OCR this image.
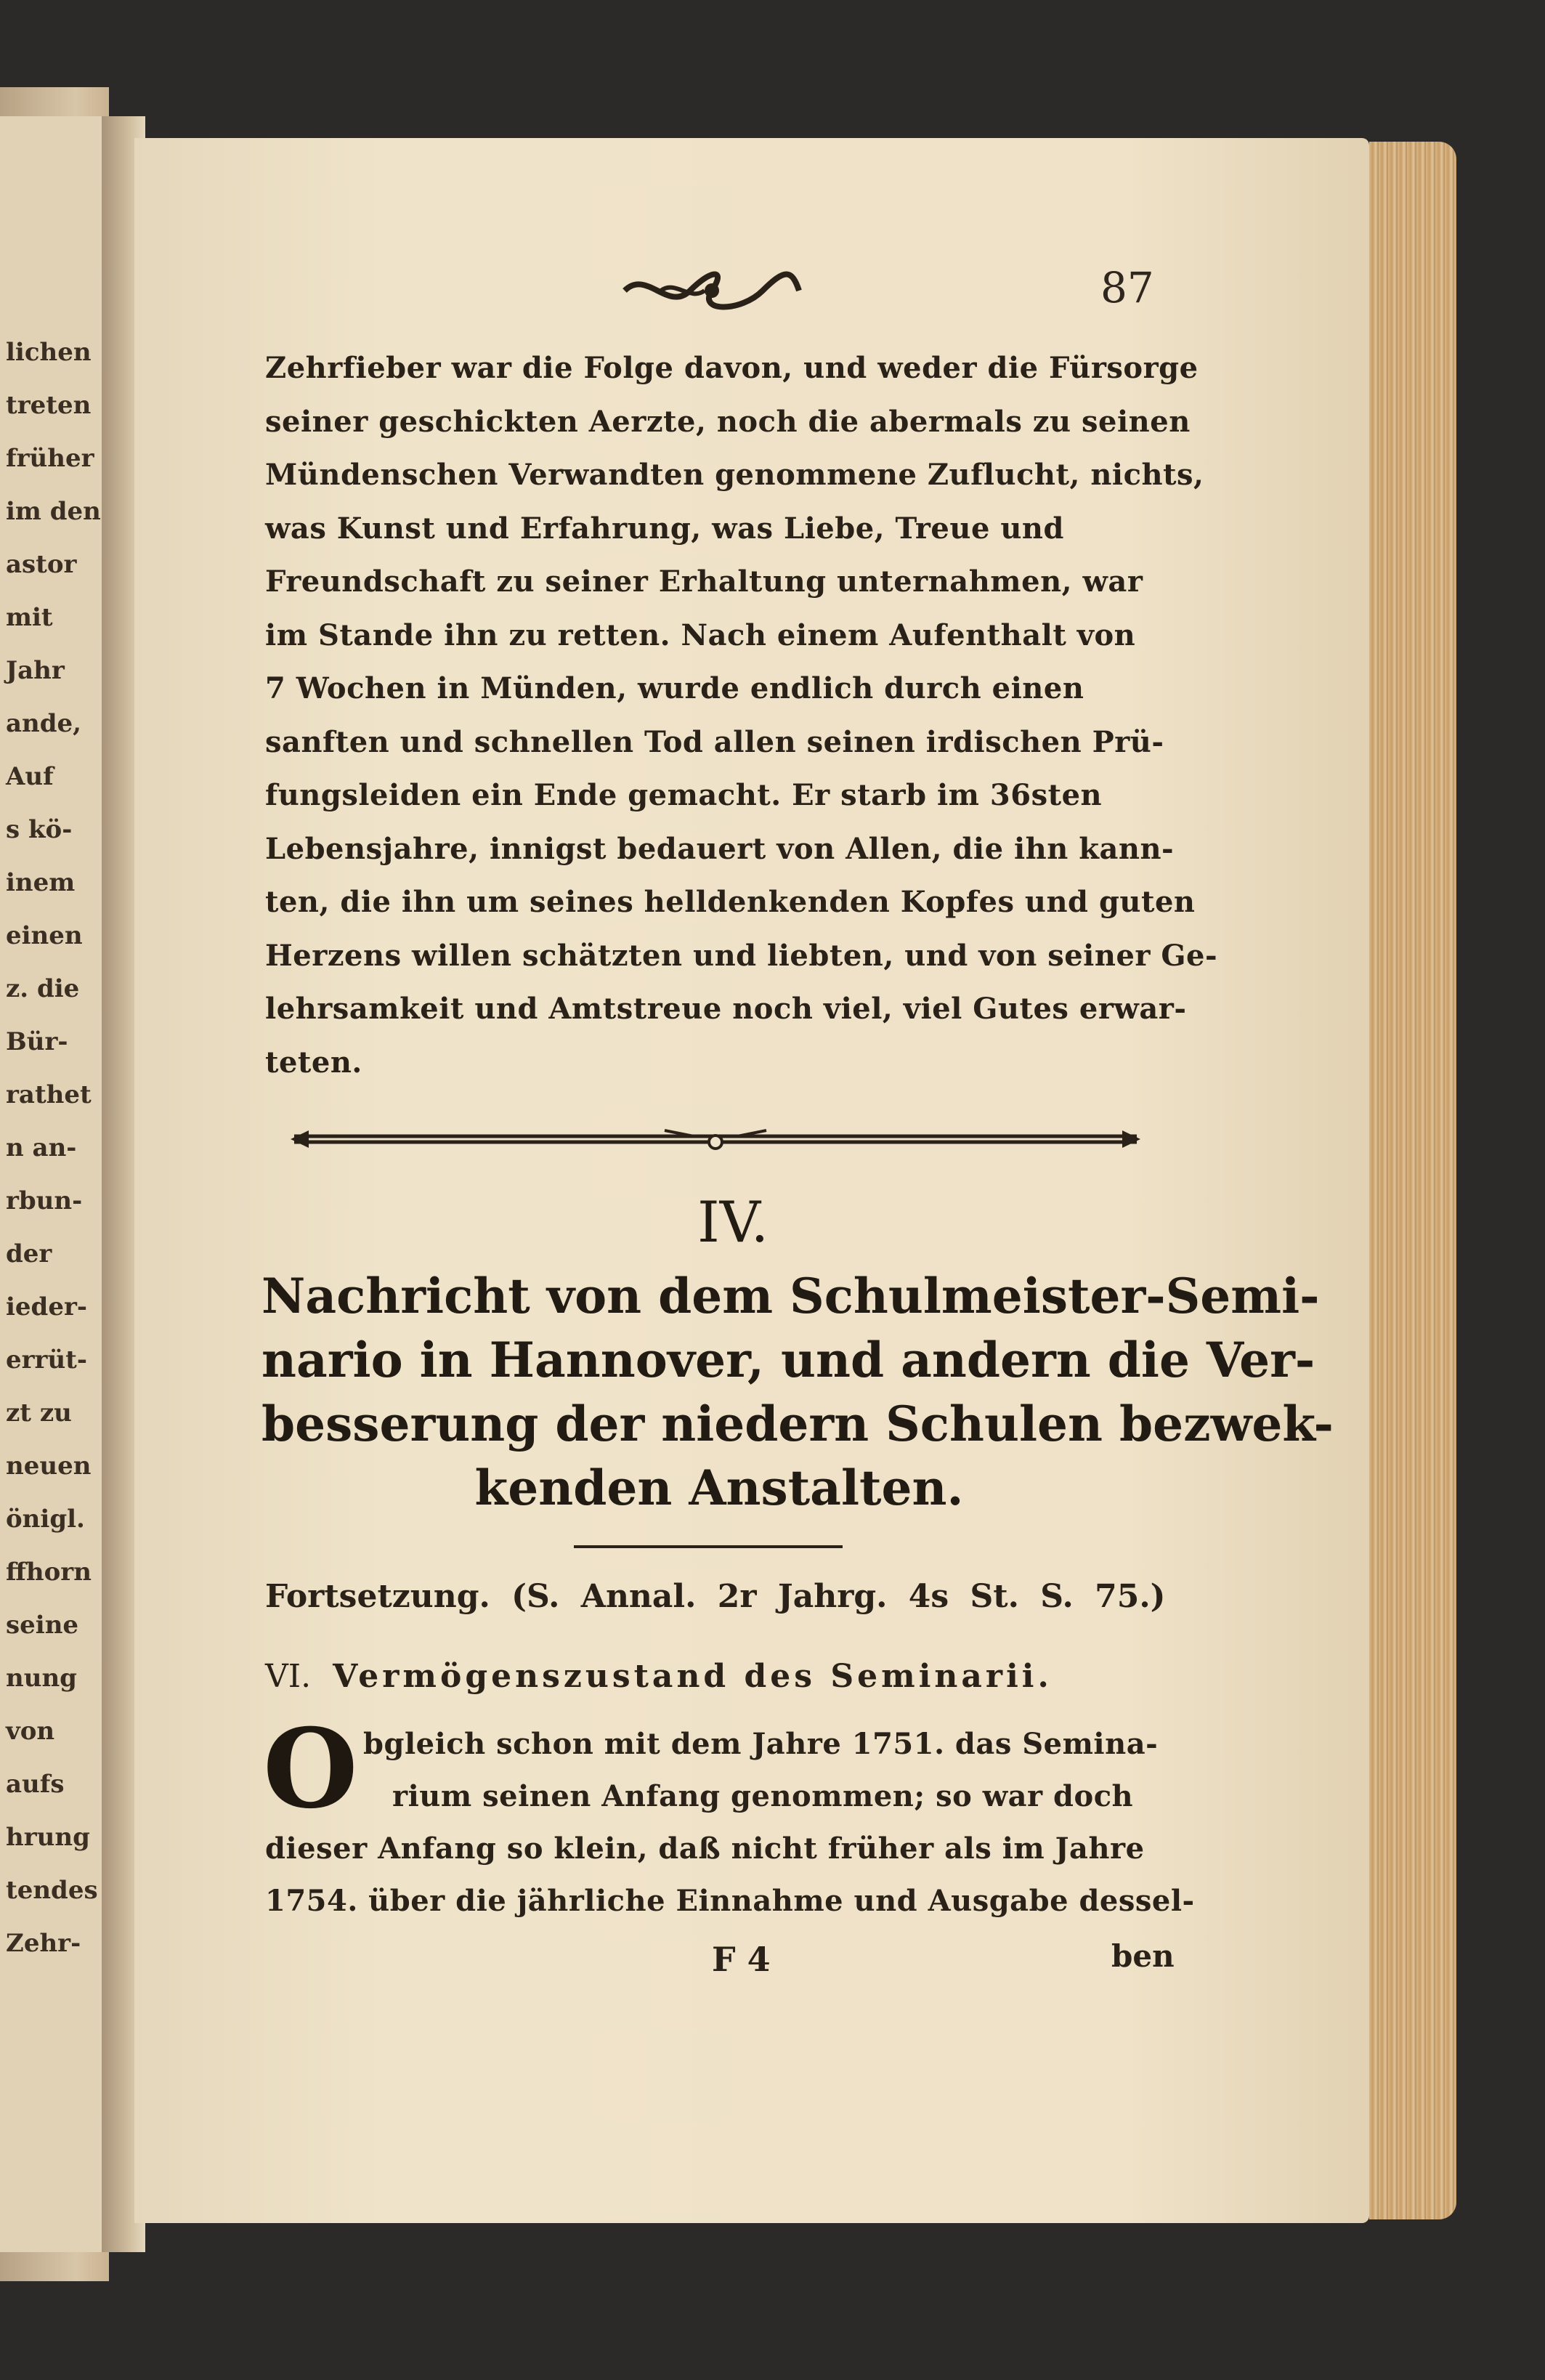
lichen
treten
früher
im den
astor
mit
Jahr
ande,
Auf
s kö-
inem
einen
z. die
Bür-
rathet
n an-
rbun-
der
ieder-
errüt-
zt zu
neuen
önigl.
ffhorn
seine
nung
von
aufs
hrung
tendes
Zehr-
87
Zehrfieber war die Folge davon, und weder die Fürsorge
seiner geschickten Aerzte, noch die abermals zu seinen
Mündenschen Verwandten genommene Zuflucht, nichts,
was Kunst und Erfahrung, was Liebe, Treue und
Freundschaft zu seiner Erhaltung unternahmen, war
im Stande ihn zu retten. Nach einem Aufenthalt von
7 Wochen in Münden, wurde endlich durch einen
sanften und schnellen Tod allen seinen irdischen Prü-
fungsleiden ein Ende gemacht. Er starb im 36sten
Lebensjahre, innigst bedauert von Allen, die ihn kann-
ten, die ihn um seines helldenkenden Kopfes und guten
Herzens willen schätzten und liebten, und von seiner Ge-
lehrsamkeit und Amtstreue noch viel, viel Gutes erwar-
teten.
IV.
Nachricht von dem Schulmeister-Semi-
nario in Hannover, und andern die Ver-
besserung der niedern Schulen bezwek-
kenden Anstalten.
Fortsetzung. (S. Annal. 2r Jahrg. 4s St. S. 75.)
VI. Vermögenszustand des Seminarii.
O bgleich schon mit dem Jahre 1751. das Semina-
rium seinen Anfang genommen; so war doch
dieser Anfang so klein, daß nicht früher als im Jahre
1754. über die jährliche Einnahme und Ausgabe dessel-
F 4	ben
